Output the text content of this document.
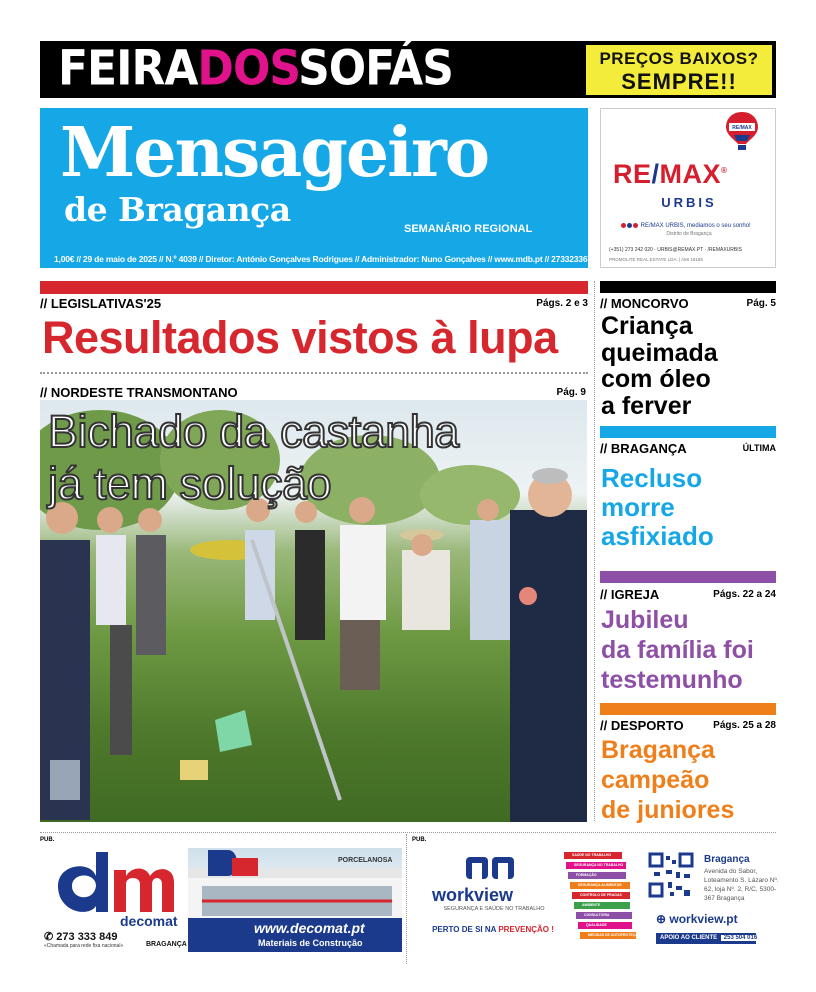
FEIRADOSSOFÁS	PREÇOS BAIXOS?
SEMPRE!!
Mensageiro
de Bragança	SEMANÁRIO REGIONAL
1,00€ // 29 de maio de 2025 // N.º 4039 // Diretor: António Gonçalves Rodrigues // Administrador: Nuno Gonçalves // www.mdb.pt // 273323367
RE/MAX
RE/MAX®
URBIS
RE/MAX URBIS, mediamos o seu sonho!
Distrito de Bragança
(+351) 273 242 020 · URBIS@REMAX.PT · /REMAXURBIS
PROMOLITE REAL ESTATE LDA. | AMI 18185
// LEGISLATIVAS'25	Págs. 2 e 3
Resultados vistos à lupa
// NORDESTE TRANSMONTANO	Pág. 9
Bichado da castanha
já tem solução
// MONCORVO	Pág. 5
Criança
queimada
com óleo
a ferver
// BRAGANÇA	ÚLTIMA
Recluso
morre
asfixiado
// IGREJA	Págs. 22 a 24
Jubileu
da família foi
testemunho
// DESPORTO	Págs. 25 a 28
Bragança
campeão
de juniores
PUB.	PUB.
decomat
✆ 273 333 849
«Chamada para rede fixa nacional»	BRAGANÇA
PORCELANOSA
www.decomat.pt
Materiais de Construção
workview
SEGURANÇA E SAÚDE NO TRABALHO
PERTO DE SI NA PREVENÇÃO !
SAÚDE NO TRABALHO
SEGURANÇA NO TRABALHO
FORMAÇÃO
SEGURANÇA ALIMENTAR
CONTROLO DE PRAGAS
AMBIENTE
CONSULTORIA
QUALIDADE
MEDIDAS DE AUTOPROTEÇÃO
Bragança
Avenida do Sabor, Loteamento S. Lázaro Nº. 62, loja Nº. 2, R/C, 5300-367 Bragança
⊕ workview.pt
APOIO AO CLIENTE 253 504 016
